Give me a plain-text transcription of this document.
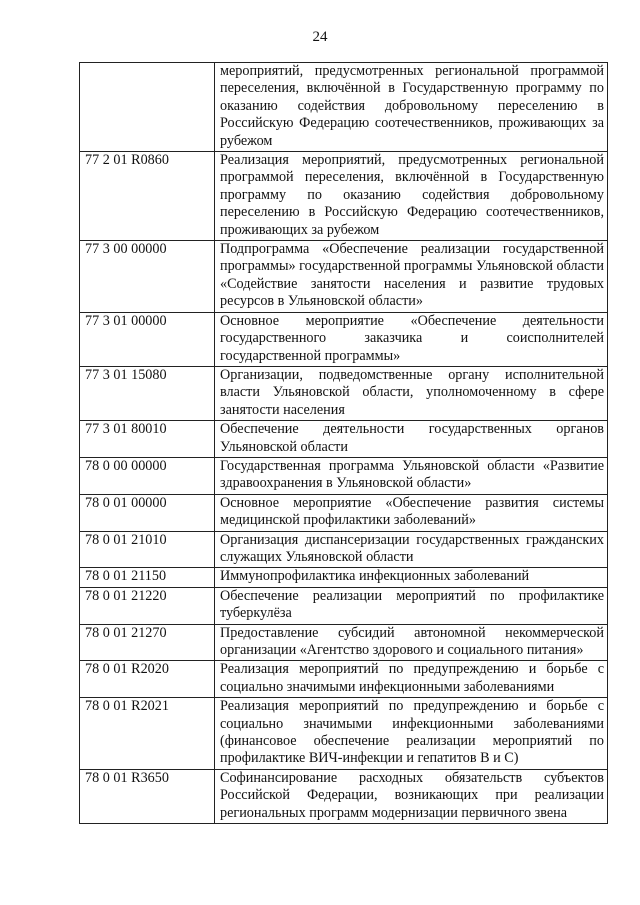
24
	мероприятий, предусмотренных региональной программой переселения, включённой в Государственную программу по оказанию содействия добровольному переселению в Российскую Федерацию соотечественников, проживающих за рубежом
77 2 01 R0860	Реализация мероприятий, предусмотренных региональной программой переселения, включённой в Государственную программу по оказанию содействия добровольному переселению в Российскую Федерацию соотечественников, проживающих за рубежом
77 3 00 00000	Подпрограмма «Обеспечение реализации государственной программы» государственной программы Ульяновской области «Содействие занятости населения и развитие трудовых ресурсов в Ульяновской области»
77 3 01 00000	Основное мероприятие «Обеспечение деятельности государственного заказчика и соисполнителей государственной программы»
77 3 01 15080	Организации, подведомственные органу исполнительной власти Ульяновской области, уполномоченному в сфере занятости населения
77 3 01 80010	Обеспечение деятельности государственных органов Ульяновской области
78 0 00 00000	Государственная программа Ульяновской области «Развитие здравоохранения в Ульяновской области»
78 0 01 00000	Основное мероприятие «Обеспечение развития системы медицинской профилактики заболеваний»
78 0 01 21010	Организация диспансеризации государственных гражданских служащих Ульяновской области
78 0 01 21150	Иммунопрофилактика инфекционных заболеваний
78 0 01 21220	Обеспечение реализации мероприятий по профилактике туберкулёза
78 0 01 21270	Предоставление субсидий автономной некоммерческой организации «Агентство здорового и социального питания»
78 0 01 R2020	Реализация мероприятий по предупреждению и борьбе с социально значимыми инфекционными заболеваниями
78 0 01 R2021	Реализация мероприятий по предупреждению и борьбе с социально значимыми инфекционными заболеваниями (финансовое обеспечение реализации мероприятий по профилактике ВИЧ-инфекции и гепатитов В и С)
78 0 01 R3650	Софинансирование расходных обязательств субъектов Российской Федерации, возникающих при реализации региональных программ модернизации первичного звена
